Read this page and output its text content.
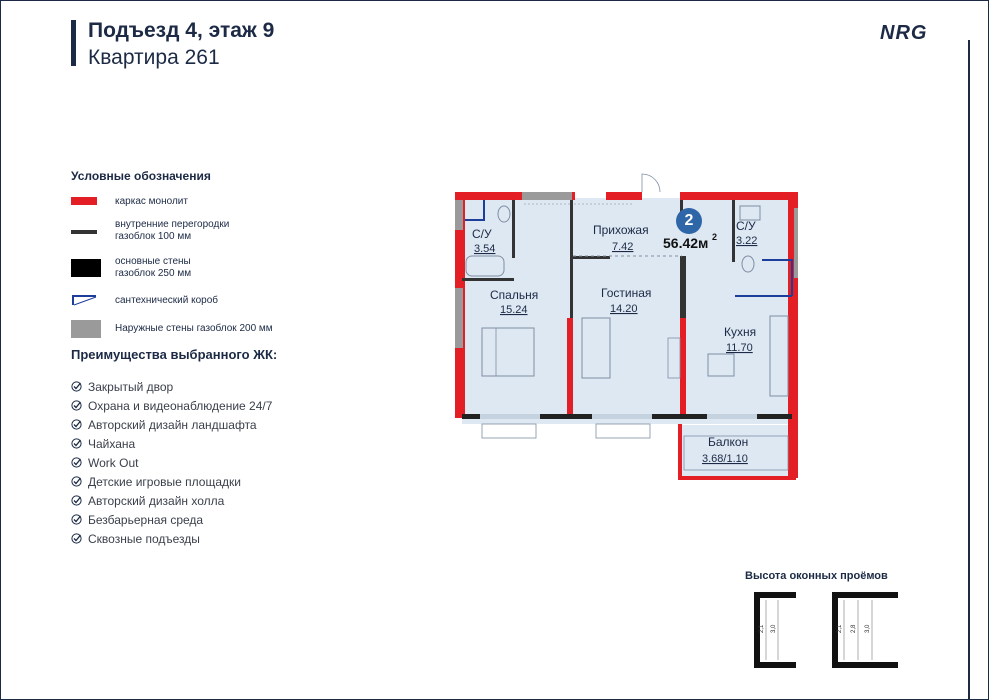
Подъезд 4, этаж 9
Квартира 261
NRG
Условные обозначения
каркас монолит
внутренние перегородки
газоблок 100 мм
основные стены
газоблок 250 мм
сантехнический короб
Наружные стены газоблок 200 мм
Преимущества выбранного ЖК:
Закрытый двор
Охрана и видеонаблюдение 24/7
Авторский дизайн ландшафта
Чайхана
Work Out
Детские игровые площадки
Авторский дизайн холла
Безбарьерная среда
Сквозные подъезды
С/У
3.54
Прихожая
7.42
С/У
3.22
Спальня
15.24
Гостиная
14.20
Кухня
11.70
Балкон
3.68/1.10
2
56.42м 2
Высота оконных проёмов
2,1 3,0	2,1 2,8 3,0
